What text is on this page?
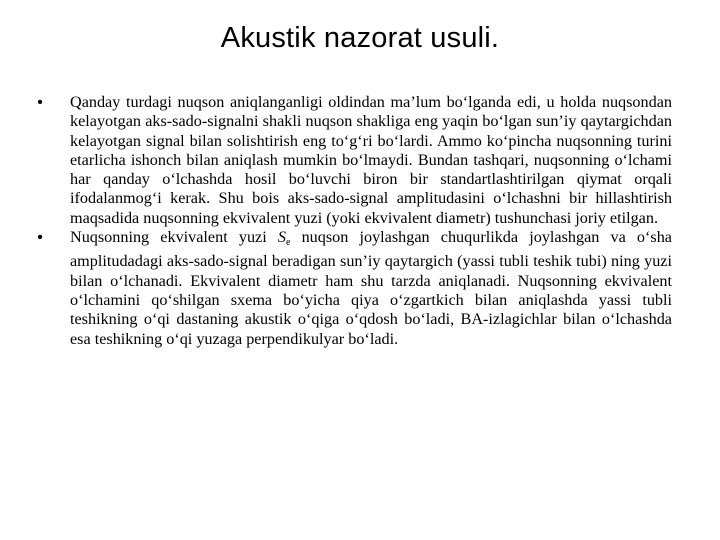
Akustik nazorat usuli.
•	Qanday turdagi nuqson aniqlanganligi oldindan ma’lum bo‘lganda edi, u holda nuqsondan kelayotgan aks-sado-signalni shakli nuqson shakliga eng yaqin bo‘lgan sun’iy qaytargichdan kelayotgan signal bilan solishtirish eng to‘g‘ri bo‘lardi. Ammo ko‘pincha nuqsonning turini etarlicha ishonch bilan aniqlash mumkin bo‘lmaydi. Bundan tashqari, nuqsonning o‘lchami har qanday o‘lchashda hosil bo‘luvchi biron bir standartlashtirilgan qiymat orqali ifodalanmog‘i kerak. Shu bois aks-sado-signal amplitudasini o‘lchashni bir hillashtirish maqsadida nuqsonning ekvivalent yuzi (yoki ekvivalent diametr) tushunchasi joriy etilgan.
•	Nuqsonning ekvivalent yuzi $S_e$ nuqson joylashgan chuqurlikda joylashgan va o‘sha amplitudadagi aks-sado-signal beradigan sun’iy qaytargich (yassi tubli teshik tubi) ning yuzi bilan o‘lchanadi. Ekvivalent diametr ham shu tarzda aniqlanadi. Nuqsonning ekvivalent o‘lchamini qo‘shilgan sxema bo‘yicha qiya o‘zgartkich bilan aniqlashda yassi tubli teshikning o‘qi dastaning akustik o‘qiga o‘qdosh bo‘ladi, BA-izlagichlar bilan o‘lchashda esa teshikning o‘qi yuzaga perpendikulyar bo‘ladi.
